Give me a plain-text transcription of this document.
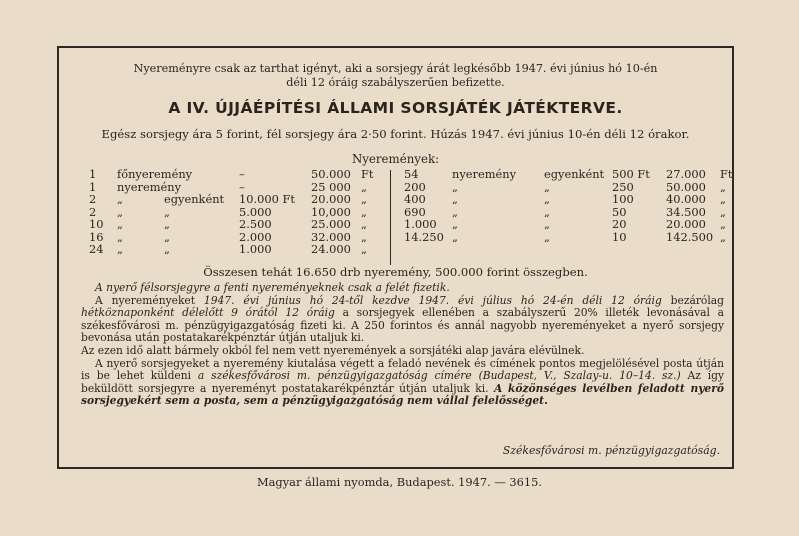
Nyereményre csak az tarthat igényt, aki a sorsjegy árát legkésőbb 1947. évi június hó 10-én
déli 12 óráig szabályszerűen befizette.
A IV. ÚJJÁÉPÍTÉSI ÁLLAMI SORSJÁTÉK JÁTÉKTERVE.
Egész sorsjegy ára 5 forint, fél sorsjegy ára 2·50 forint. Húzás 1947. évi június 10-én déli 12 órakor.
Nyeremények:
1 főnyeremény	–	50.000 Ft
1 nyeremény	–	25 000 „
2 „	egyenként 10.000 Ft 20.000 „
2 „	„	5.000	10,000 „
10 „	„	2.500	25.000 „
16 „	„	2.000	32.000 „
24 „	„	1.000	24.000 „
54	nyeremény egyenként 500 Ft 27.000 Ft
200 „	„	250	50.000 „
400 „	„	100	40.000 „
690 „	„	50	34.500 „
1.000 „	„	20	20.000 „
14.250 „	„	10	142.500 „
Összesen tehát 16.650 drb nyeremény, 500.000 forint összegben.

A nyerő félsorsjegyre a fenti nyereményeknek csak a felét fizetik.

A nyereményeket 1947. évi június hó 24-től kezdve 1947. évi július hó 24-én déli 12 óráig bezárólag hétköznaponként délelőtt 9 órától 12 óráig a sorsjegyek ellenében a szabályszerű 20% illeték levonásával a székesfővárosi m. pénzügyigazgatóság fizeti ki. A 250 forintos és annál nagyobb nyereményeket a nyerő sorsjegy bevonása után postatakarékpénztár útján utaljuk ki.

Az ezen idő alatt bármely okból fel nem vett nyeremények a sorsjátéki alap javára elévülnek.

A nyerő sorsjegyeket a nyeremény kiutalása végett a feladó nevének és címének pontos megjelölésével posta útján is be lehet küldeni a székesfővárosi m. pénzügyigazgatóság címére (Budapest, V., Szalay-u. 10–14. sz.) Az így beküldött sorsjegyre a nyereményt postatakarékpénztár útján utaljuk ki. A közönséges levélben feladott nyerő sorsjegyekért sem a posta, sem a pénzügyigazgatóság nem vállal felelősséget.

Székesfővárosi m. pénzügyigazgatóság.
Magyar állami nyomda, Budapest. 1947. — 3615.
